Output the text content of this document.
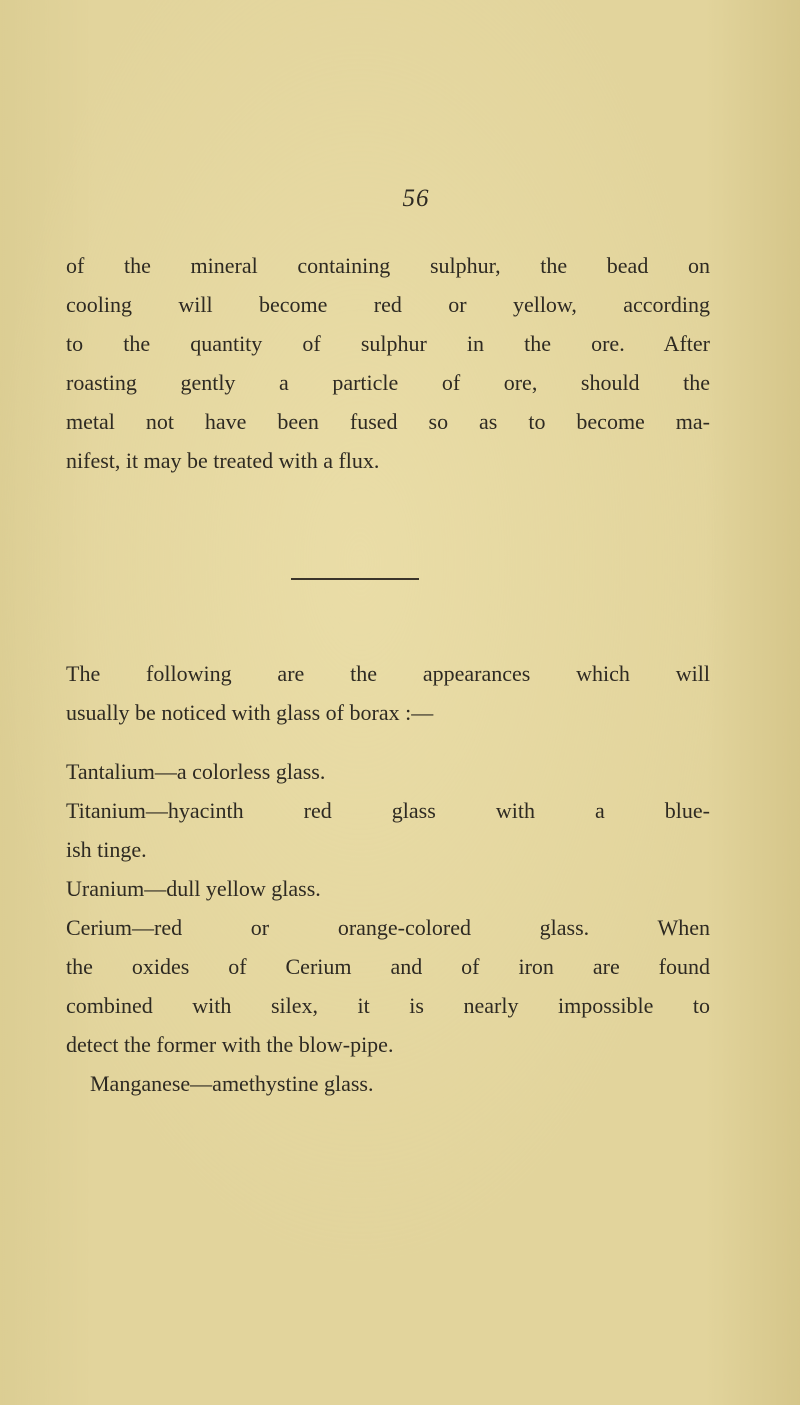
56
of the mineral containing sulphur, the bead on
cooling will become red or yellow, according
to the quantity of sulphur in the ore. After
roasting gently a particle of ore, should the
metal not have been fused so as to become ma-
nifest, it may be treated with a flux.
The following are the appearances which will
usually be noticed with glass of borax :—
Tantalium—a colorless glass.
Titanium—hyacinth red glass with a blue-
ish tinge.
Uranium—dull yellow glass.
Cerium—red or orange-colored glass. When
the oxides of Cerium and of iron are found
combined with silex, it is nearly impossible to
detect the former with the blow-pipe.
Manganese—amethystine glass.
